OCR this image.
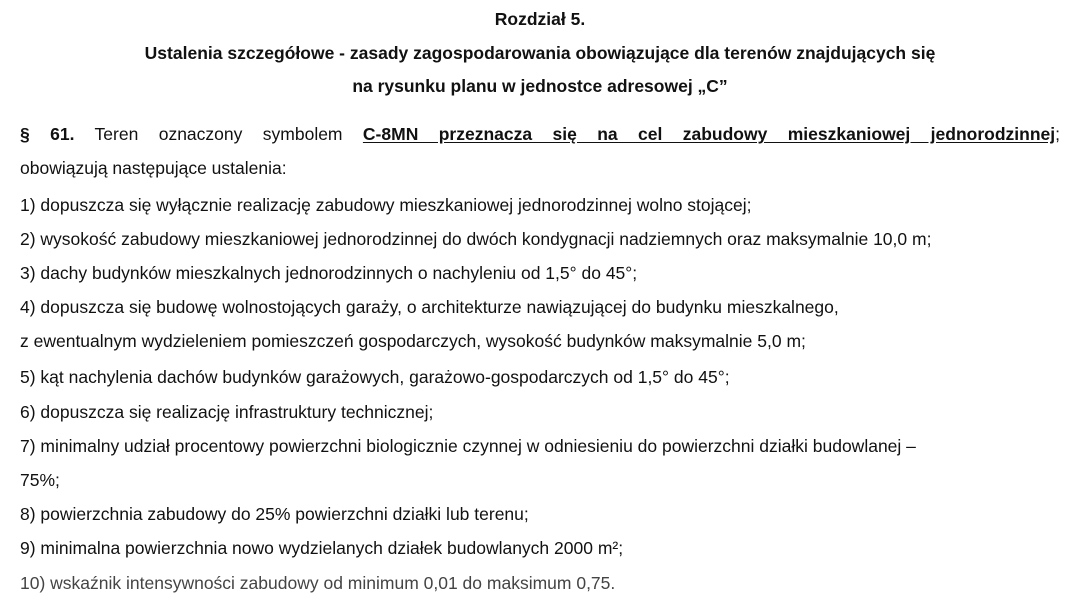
Rozdział 5.
Ustalenia szczegółowe - zasady zagospodarowania obowiązujące dla terenów znajdujących się
na rysunku planu w jednostce adresowej „C”
§ 61. Teren oznaczony symbolem C-8MN przeznacza się na cel zabudowy mieszkaniowej jednorodzinnej;
obowiązują następujące ustalenia:
1) dopuszcza się wyłącznie realizację zabudowy mieszkaniowej jednorodzinnej wolno stojącej;
2) wysokość zabudowy mieszkaniowej jednorodzinnej do dwóch kondygnacji nadziemnych oraz maksymalnie 10,0 m;
3) dachy budynków mieszkalnych jednorodzinnych o nachyleniu od 1,5° do 45°;
4) dopuszcza się budowę wolnostojących garaży, o architekturze nawiązującej do budynku mieszkalnego,
z ewentualnym wydzieleniem pomieszczeń gospodarczych, wysokość budynków maksymalnie 5,0 m;
5) kąt nachylenia dachów budynków garażowych, garażowo-gospodarczych od 1,5° do 45°;
6) dopuszcza się realizację infrastruktury technicznej;
7) minimalny udział procentowy powierzchni biologicznie czynnej w odniesieniu do powierzchni działki budowlanej –
75%;
8) powierzchnia zabudowy do 25% powierzchni działki lub terenu;
9) minimalna powierzchnia nowo wydzielanych działek budowlanych 2000 m²;
10) wskaźnik intensywności zabudowy od minimum 0,01 do maksimum 0,75.
